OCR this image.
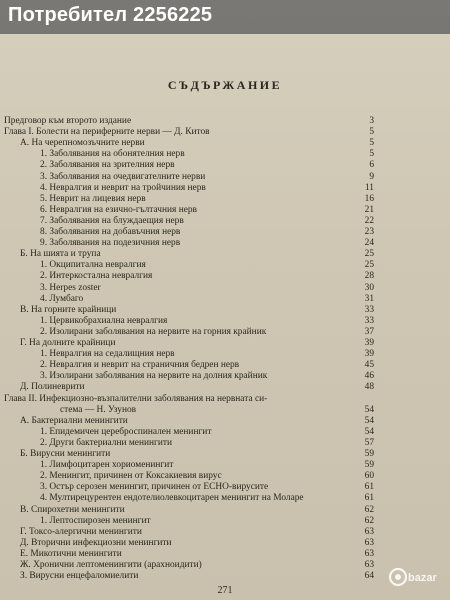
Потребител 2256225
СЪДЪРЖАНИЕ
Предговор към второто издание	3
Глава I. Болести на периферните нерви — Д. Китов	5
А. На черепномозъчните нерви	5
1. Заболявания на обонятелния нерв	5
2. Заболявания на зрителния нерв	6
3. Заболявания на очедвигателните нерви	9
4. Невралгия и неврит на тройчиния нерв	11
5. Неврит на лицевия нерв	16
6. Невралгия на езично-гълтачния нерв	21
7. Заболявания на блуждаещия нерв	22
8. Заболявания на добавъчния нерв	23
9. Заболявания на подезичния нерв	24
Б. На шията и трупа	25
1. Окципитална невралгия	25
2. Интеркостална невралгия	28
3. Herpes zoster	30
4. Лумбаго	31
В. На горните крайници	33
1. Цервикобрахиална невралгия	33
2. Изолирани заболявания на нервите на горния крайник	37
Г. На долните крайници	39
1. Невралгия на седалищния нерв	39
2. Невралгия и неврит на страничния бедрен нерв	45
3. Изолирани заболявания на нервите на долния крайник	46
Д. Полиневрити	48
Глава II. Инфекциозно-възпалителни заболявания на нервната си-
стема — Н. Узунов	54
А. Бактериални менингити	54
1. Епидемичен цереброспинален менингит	54
2. Други бактериални менингити	57
Б. Вирусни менингити	59
1. Лимфоцитарен хориоменингит	59
2. Менингит, причинен от Коксакиевия вирус	60
3. Остър серозен менингит, причинен от ECHO-вирусите	61
4. Мултирецурентен ендотелиолевкоцитарен менингит на Моларе	61
В. Спирохетни менингити	62
1. Лептоспирозен менингит	62
Г. Токсо-алергични менингити	63
Д. Вторични инфекциозни менингити	63
Е. Микотични менингити	63
Ж. Хронични лептоменингити (арахноидити)	63
З. Вирусни енцефаломиелити	64
271
bazar
